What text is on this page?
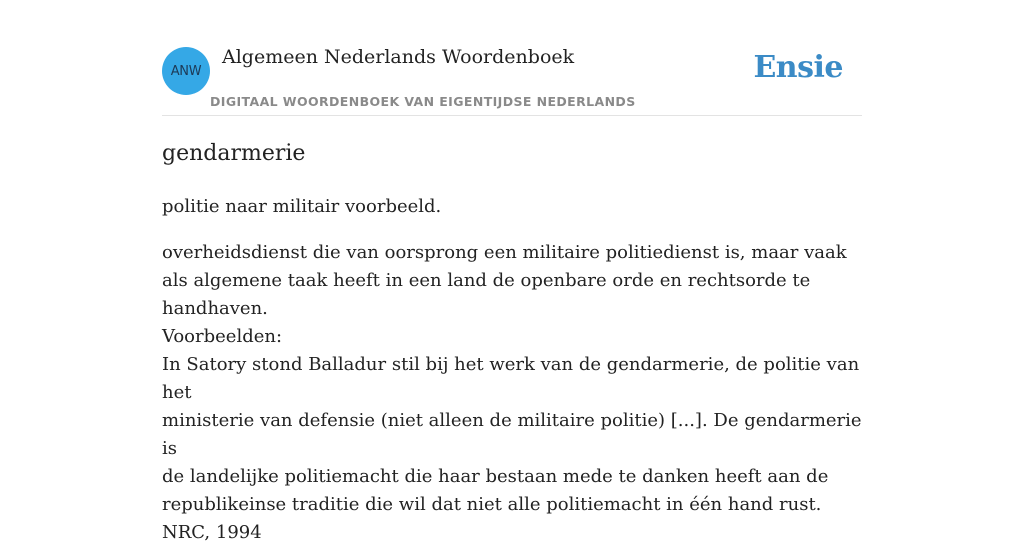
ANW
Algemeen Nederlands Woordenboek
DIGITAAL WOORDENBOEK VAN EIGENTIJDSE NEDERLANDS
Ensie
gendarmerie
politie naar militair voorbeeld.
overheidsdienst die van oorsprong een militaire politiedienst is, maar vaak als algemene taak heeft in een land de openbare orde en rechtsorde te handhaven.
Voorbeelden:
In Satory stond Balladur stil bij het werk van de gendarmerie, de politie van het
ministerie van defensie (niet alleen de militaire politie) [...]. De gendarmerie is
de landelijke politiemacht die haar bestaan mede te danken heeft aan de
republikeinse traditie die wil dat niet alle politiemacht in één hand rust.
NRC, 1994
